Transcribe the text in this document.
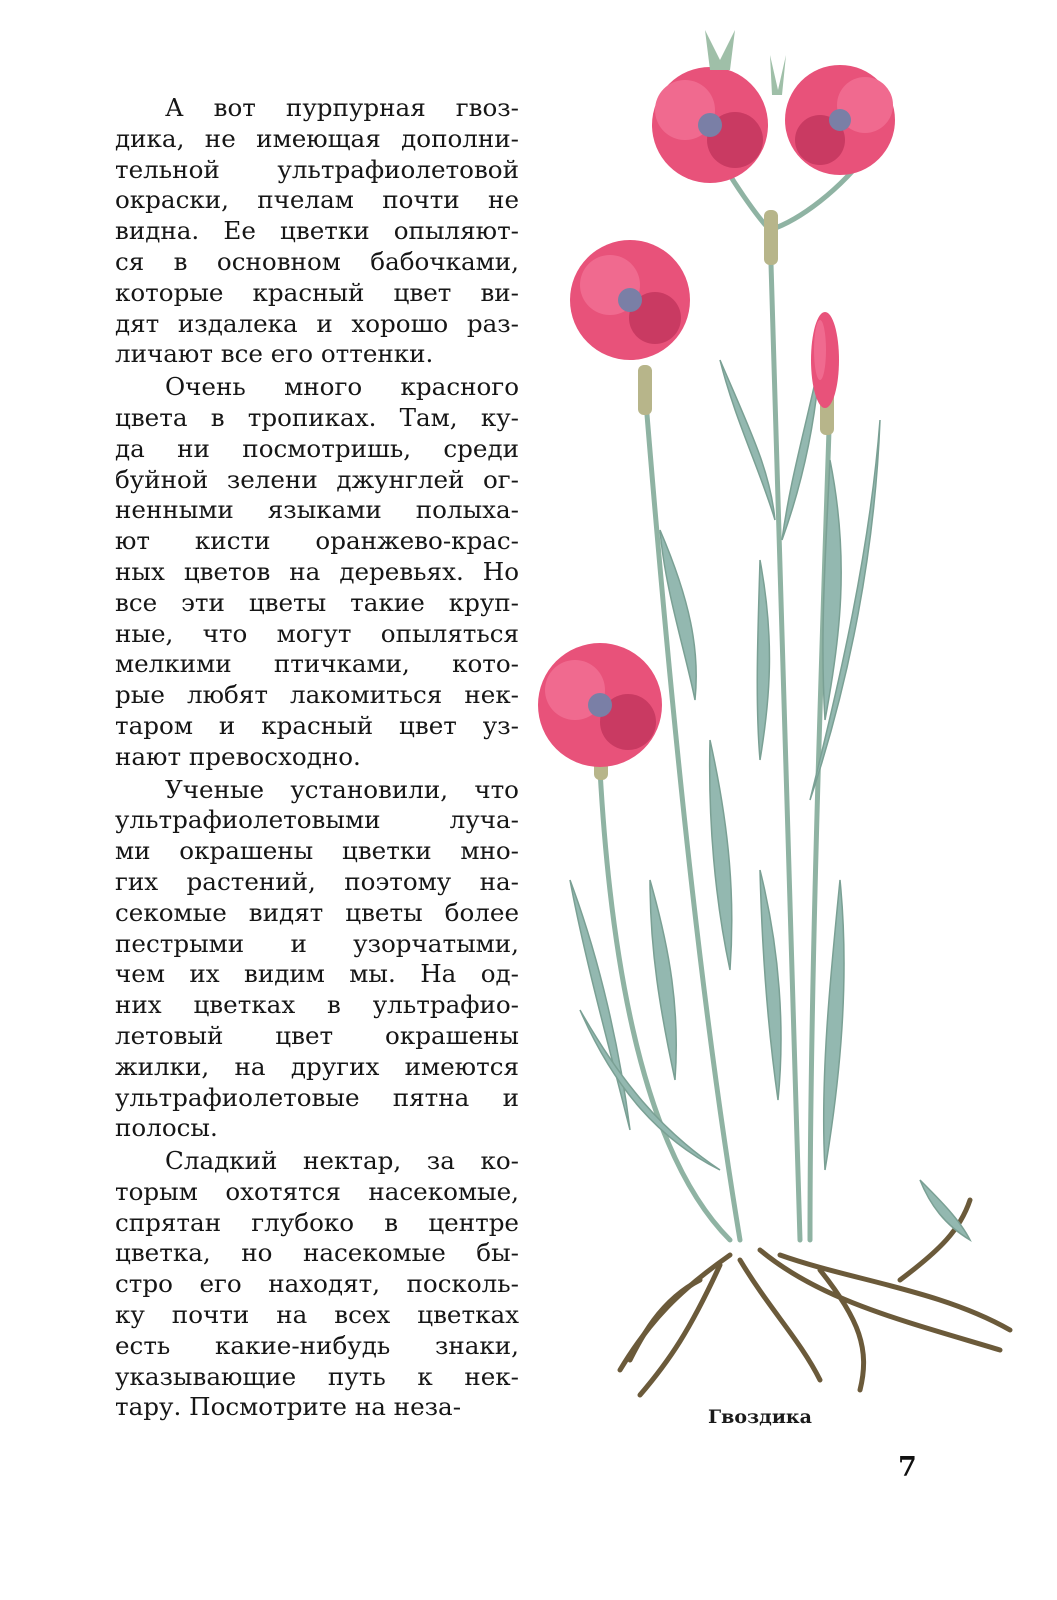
А вот пурпурная гвоз-
дика, не имеющая дополни-
тельной ультрафиолетовой
окраски, пчелам почти не
видна. Ее цветки опыляют-
ся в основном бабочками,
которые красный цвет ви-
дят издалека и хорошо раз-
личают все его оттенки.
Очень много красного
цвета в тропиках. Там, ку-
да ни посмотришь, среди
буйной зелени джунглей ог-
ненными языками полыха-
ют кисти оранжево-крас-
ных цветов на деревьях. Но
все эти цветы такие круп-
ные, что могут опыляться
мелкими птичками, кото-
рые любят лакомиться нек-
таром и красный цвет уз-
нают превосходно.
Ученые установили, что
ультрафиолетовыми луча-
ми окрашены цветки мно-
гих растений, поэтому на-
секомые видят цветы более
пестрыми и узорчатыми,
чем их видим мы. На од-
них цветках в ультрафио-
летовый цвет окрашены
жилки, на других имеются
ультрафиолетовые пятна и
полосы.
Сладкий нектар, за ко-
торым охотятся насекомые,
спрятан глубоко в центре
цветка, но насекомые бы-
стро его находят, посколь-
ку почти на всех цветках
есть какие-нибудь знаки,
указывающие путь к нек-
тару. Посмотрите на неза-	Гвоздика
7
